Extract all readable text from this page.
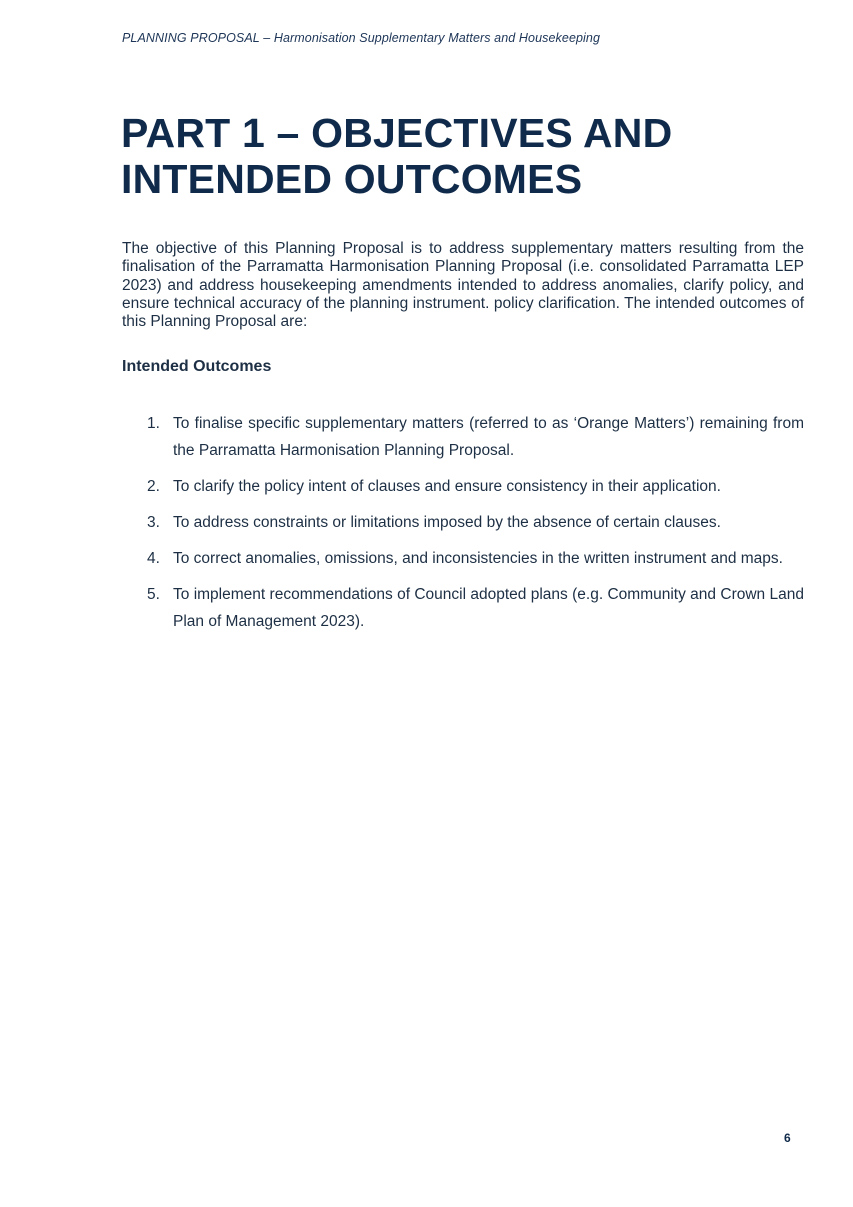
PLANNING PROPOSAL – Harmonisation Supplementary Matters and Housekeeping
PART 1 – OBJECTIVES AND INTENDED OUTCOMES

The objective of this Planning Proposal is to address supplementary matters resulting from the finalisation of the Parramatta Harmonisation Planning Proposal (i.e. consolidated Parramatta LEP 2023) and address housekeeping amendments intended to address anomalies, clarify policy, and ensure technical accuracy of the planning instrument. policy clarification. The intended outcomes of this Planning Proposal are:

Intended Outcomes
1. To finalise specific supplementary matters (referred to as ‘Orange Matters’) remaining from the Parramatta Harmonisation Planning Proposal.
2. To clarify the policy intent of clauses and ensure consistency in their application.
3. To address constraints or limitations imposed by the absence of certain clauses.
4. To correct anomalies, omissions, and inconsistencies in the written instrument and maps.
5. To implement recommendations of Council adopted plans (e.g. Community and Crown Land Plan of Management 2023).
6
